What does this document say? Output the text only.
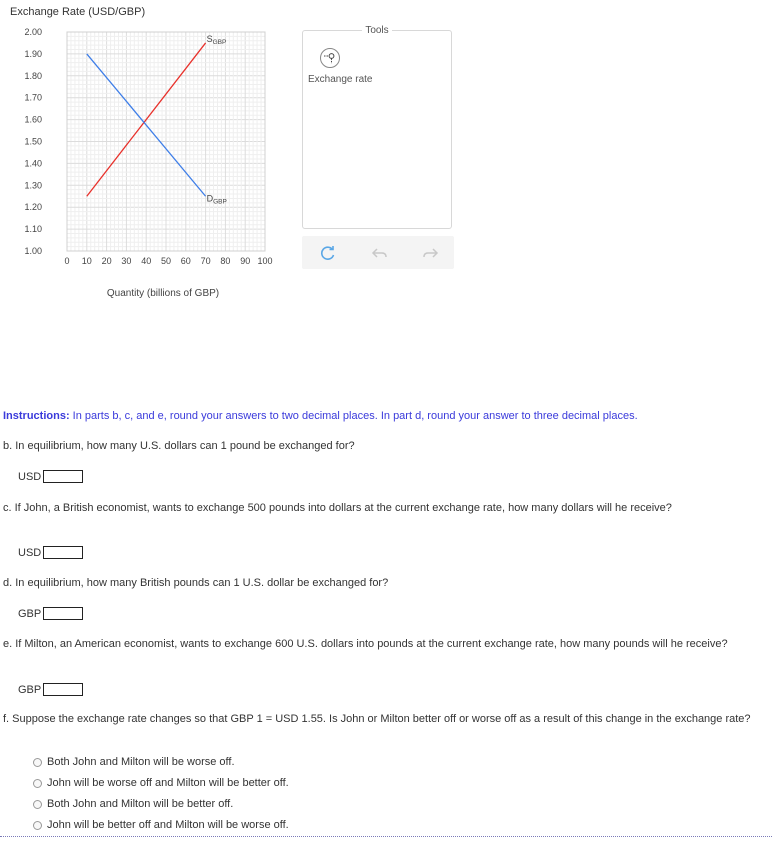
Exchange Rate (USD/GBP)
0 10 20 30 40 50 60 70 80 90 100
1.00
1.10
1.20
1.30
1.40
1.50
1.60
1.70
1.80
1.90
2.00
$S_{GBP}$
$D_{GBP}$
Quantity (billions of GBP)
Tools
Exchange rate
Instructions: In parts b, c, and e, round your answers to two decimal places. In part d, round your answer to three decimal places.
b. In equilibrium, how many U.S. dollars can 1 pound be exchanged for?
USD
c. If John, a British economist, wants to exchange 500 pounds into dollars at the current exchange rate, how many dollars will he receive?
USD
d. In equilibrium, how many British pounds can 1 U.S. dollar be exchanged for?
GBP
e. If Milton, an American economist, wants to exchange 600 U.S. dollars into pounds at the current exchange rate, how many pounds will he receive?
GBP
f. Suppose the exchange rate changes so that GBP 1 = USD 1.55. Is John or Milton better off or worse off as a result of this change in the exchange rate?
Both John and Milton will be worse off.
John will be worse off and Milton will be better off.
Both John and Milton will be better off.
John will be better off and Milton will be worse off.
